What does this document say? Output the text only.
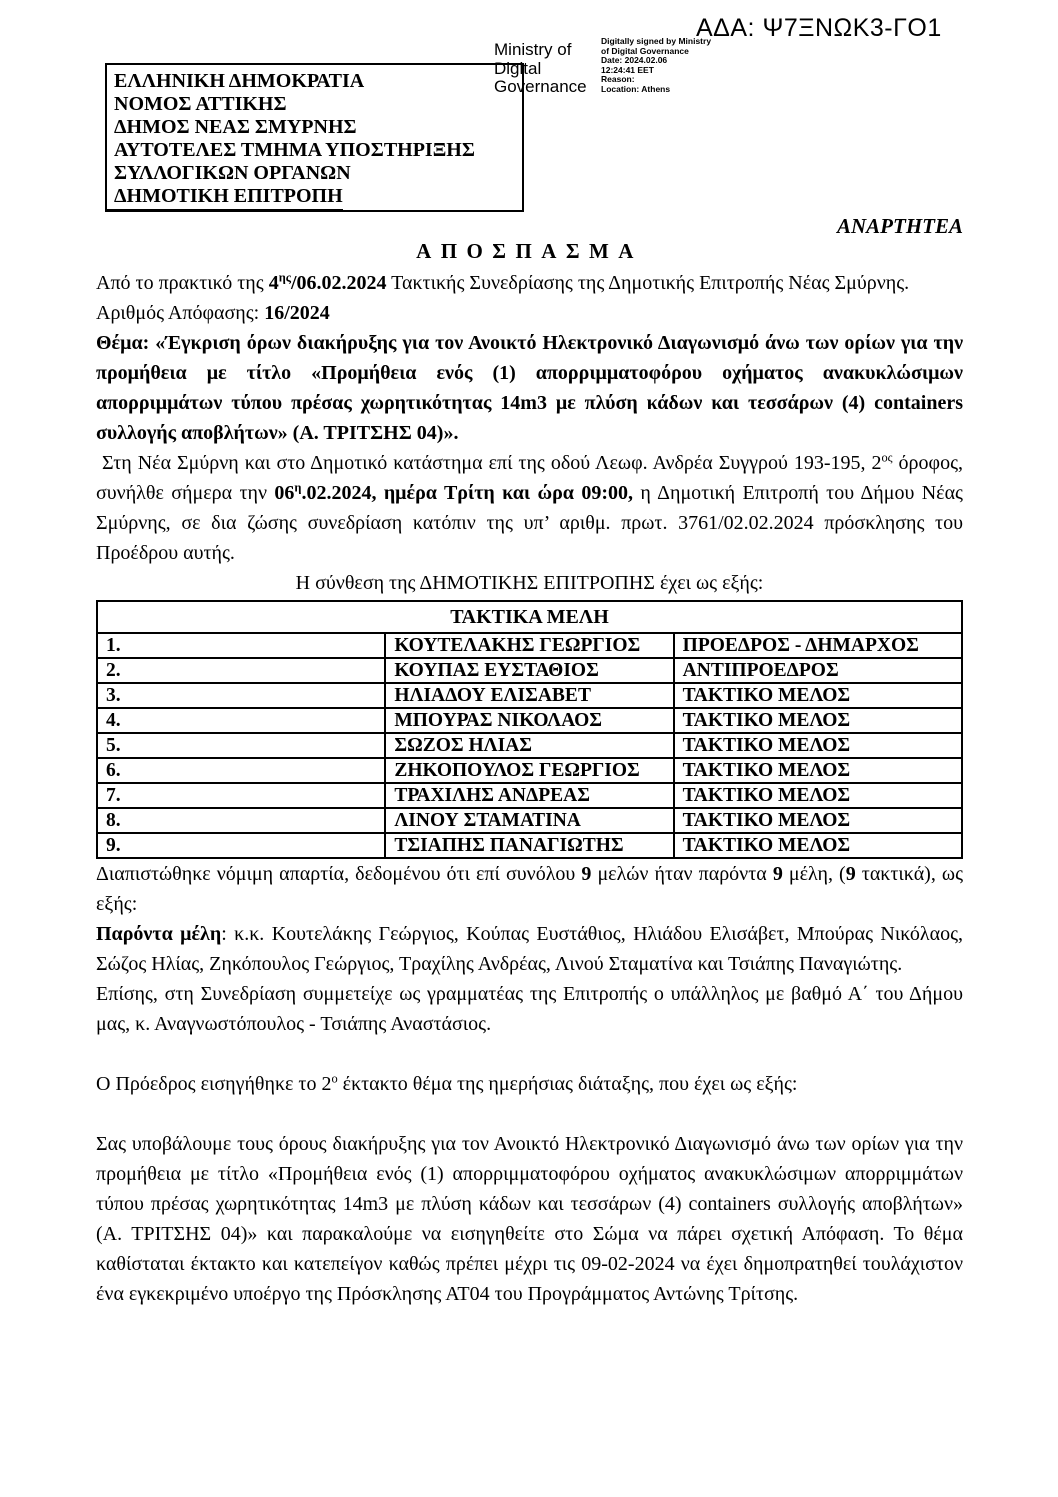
ΑΔΑ: Ψ7ΞΝΩΚ3-ΓΟ1
ΕΛΛΗΝΙΚΗ ΔΗΜΟΚΡΑΤΙΑ
ΝΟΜΟΣ ΑΤΤΙΚΗΣ
ΔΗΜΟΣ ΝΕΑΣ ΣΜΥΡΝΗΣ
ΑΥΤΟΤΕΛΕΣ ΤΜΗΜΑ ΥΠΟΣΤΗΡΙΞΗΣ
ΣΥΛΛΟΓΙΚΩΝ ΟΡΓΑΝΩΝ
ΔΗΜΟΤΙΚΗ ΕΠΙΤΡΟΠΗ
Ministry of Digital Governance
Digitally signed by Ministry
of Digital Governance
Date: 2024.02.06
12:24:41 EET
Reason:
Location: Athens
ΑΝΑΡΤΗΤΕΑ
ΑΠΟΣΠΑΣΜΑ

Από το πρακτικό της $4^{\eta\varsigma}/06.02.2024$ Τακτικής Συνεδρίασης της Δημοτικής Επιτροπής Νέας Σμύρνης.

Αριθμός Απόφασης: 16/2024

Θέμα: «Έγκριση όρων διακήρυξης για τον Ανοικτό Ηλεκτρονικό Διαγωνισμό άνω των ορίων για την προμήθεια με τίτλο «Προμήθεια ενός (1) απορριμματοφόρου οχήματος ανακυκλώσιμων απορριμμάτων τύπου πρέσας χωρητικότητας 14m3 με πλύση κάδων και τεσσάρων (4) containers συλλογής αποβλήτων» (Α. ΤΡΙΤΣΗΣ 04)».

Στη Νέα Σμύρνη και στο Δημοτικό κατάστημα επί της οδού Λεωφ. Ανδρέα Συγγρού 193-195, $2^{o\varsigma}$ όροφος, συνήλθε σήμερα την $06^\eta.02.2024$, ημέρα Τρίτη και ώρα 09:00, η Δημοτική Επιτροπή του Δήμου Νέας Σμύρνης, σε δια ζώσης συνεδρίαση κατόπιν της υπ’ αριθμ. πρωτ. 3761/02.02.2024 πρόσκλησης του Προέδρου αυτής.

Η σύνθεση της ΔΗΜΟΤΙΚΗΣ ΕΠΙΤΡΟΠΗΣ έχει ως εξής:

ΤΑΚΤΙΚΑ ΜΕΛΗ		
1.	ΚΟΥΤΕΛΑΚΗΣ ΓΕΩΡΓΙΟΣ	ΠΡΟΕΔΡΟΣ - ΔΗΜΑΡΧΟΣ
2.	ΚΟΥΠΑΣ ΕΥΣΤΑΘΙΟΣ	ΑΝΤΙΠΡΟΕΔΡΟΣ
3.	ΗΛΙΑΔΟΥ ΕΛΙΣΑΒΕΤ	ΤΑΚΤΙΚΟ ΜΕΛΟΣ
4.	ΜΠΟΥΡΑΣ ΝΙΚΟΛΑΟΣ	ΤΑΚΤΙΚΟ ΜΕΛΟΣ
5.	ΣΩΖΟΣ ΗΛΙΑΣ	ΤΑΚΤΙΚΟ ΜΕΛΟΣ
6.	ΖΗΚΟΠΟΥΛΟΣ ΓΕΩΡΓΙΟΣ	ΤΑΚΤΙΚΟ ΜΕΛΟΣ
7.	ΤΡΑΧΙΛΗΣ ΑΝΔΡΕΑΣ	ΤΑΚΤΙΚΟ ΜΕΛΟΣ
8.	ΛΙΝΟΥ ΣΤΑΜΑΤΙΝΑ	ΤΑΚΤΙΚΟ ΜΕΛΟΣ
9.	ΤΣΙΑΠΗΣ ΠΑΝΑΓΙΩΤΗΣ	ΤΑΚΤΙΚΟ ΜΕΛΟΣ

Διαπιστώθηκε νόμιμη απαρτία, δεδομένου ότι επί συνόλου 9 μελών ήταν παρόντα 9 μέλη, (9 τακτικά), ως εξής:

Παρόντα μέλη: κ.κ. Κουτελάκης Γεώργιος, Κούπας Ευστάθιος, Ηλιάδου Ελισάβετ, Μπούρας Νικόλαος, Σώζος Ηλίας, Ζηκόπουλος Γεώργιος, Τραχίλης Ανδρέας, Λινού Σταματίνα και Τσιάπης Παναγιώτης.

Επίσης, στη Συνεδρίαση συμμετείχε ως γραμματέας της Επιτροπής ο υπάλληλος με βαθμό Α΄ του Δήμου μας, κ. Αναγνωστόπουλος - Τσιάπης Αναστάσιος.

Ο Πρόεδρος εισηγήθηκε το $2^o$ έκτακτο θέμα της ημερήσιας διάταξης, που έχει ως εξής:

Σας υποβάλουμε τους όρους διακήρυξης για τον Ανοικτό Ηλεκτρονικό Διαγωνισμό άνω των ορίων για την προμήθεια με τίτλο «Προμήθεια ενός (1) απορριμματοφόρου οχήματος ανακυκλώσιμων απορριμμάτων τύπου πρέσας χωρητικότητας 14m3 με πλύση κάδων και τεσσάρων (4) containers συλλογής αποβλήτων» (Α. ΤΡΙΤΣΗΣ 04)» και παρακαλούμε να εισηγηθείτε στο Σώμα να πάρει σχετική Απόφαση. Το θέμα καθίσταται έκτακτο και κατεπείγον καθώς πρέπει μέχρι τις 09-02-2024 να έχει δημοπρατηθεί τουλάχιστον ένα εγκεκριμένο υποέργο της Πρόσκλησης ΑΤ04 του Προγράμματος Αντώνης Τρίτσης.
